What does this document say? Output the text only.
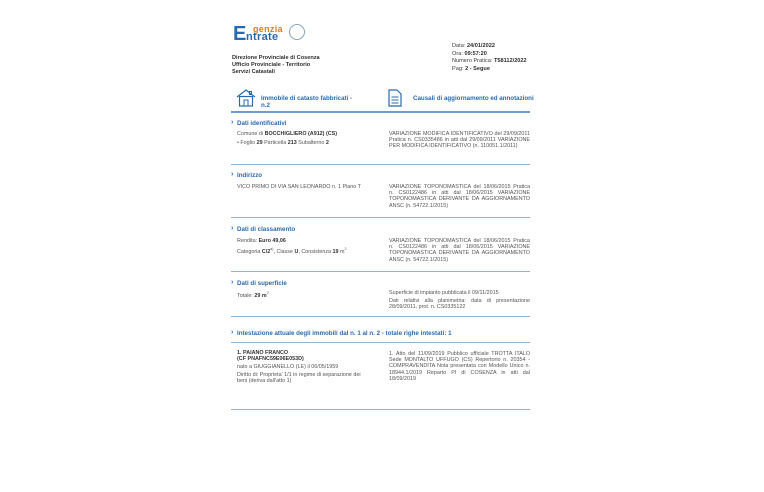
E genzia
ntrate
Direzione Provinciale di Cosenza
Ufficio Provinciale - Territorio
Servizi Catastali
Data: 24/01/2022
Ora: 09:57:20
Numero Pratica: T58112/2022
Pag: 2 - Segue
Immobile di catasto fabbricati -
n.2
Causali di aggiornamento ed annotazioni
› Dati identificativi
Comune di BOCCHIGLIERO (A912) (CS)
• Foglio 29 Particella 213 Subalterno 2
VARIAZIONE MODIFICA IDENTIFICATIVO del 29/09/2011 Pratica n. CS0335486 in atti dal 29/09/2011 VARIAZIONE PER MODIFICA IDENTIFICATIVO (n. 110051.1/2011)
› Indirizzo
VICO PRIMO DI VIA SAN LEONARDO n. 1 Piano T	VARIAZIONE TOPONOMASTICA del 18/06/2015 Pratica n. CS0122486 in atti dal 18/06/2015 VARIAZIONE TOPONOMASTICA DERIVANTE DA AGGIORNAMENTO ANSC (n. 54722.1/2015)
› Dati di classamento
Rendita: Euro 49,06
Categoria C/2$^{a)}$, Classe U, Consistenza 19 $m^2$
VARIAZIONE TOPONOMASTICA del 18/06/2015 Pratica n. CS0122486 in atti dal 18/06/2015 VARIAZIONE TOPONOMASTICA DERIVANTE DA AGGIORNAMENTO ANSC (n. 54722.1/2015)
› Dati di superficie
Totale: 29 $m^2$	Superficie di impianto pubblicata il 09/11/2015
Dati relativi alla planimetria: data di presentazione 28/09/2011, prot. n. CS0335122
› Intestazione attuale degli immobili dal n. 1 al n. 2 - totale righe intestati: 1
1. PAIANO FRANCO
(CF PNAFNC59E06E053D)
nato a GIUGGIANELLO (LE) il 06/05/1959
Diritto di: Proprieta' 1/1 in regime di separazione dei beni (deriva dall'atto 1)
1. Atto del 11/09/2019 Pubblico ufficiale TROTTA ITALO Sede MONTALTO UFFUGO (CS) Repertorio n. 20354 - COMPRAVENDITA Nota presentata con Modello Unico n. 18944.1/2019 Reparto PI di COSENZA in atti dal 18/09/2019
